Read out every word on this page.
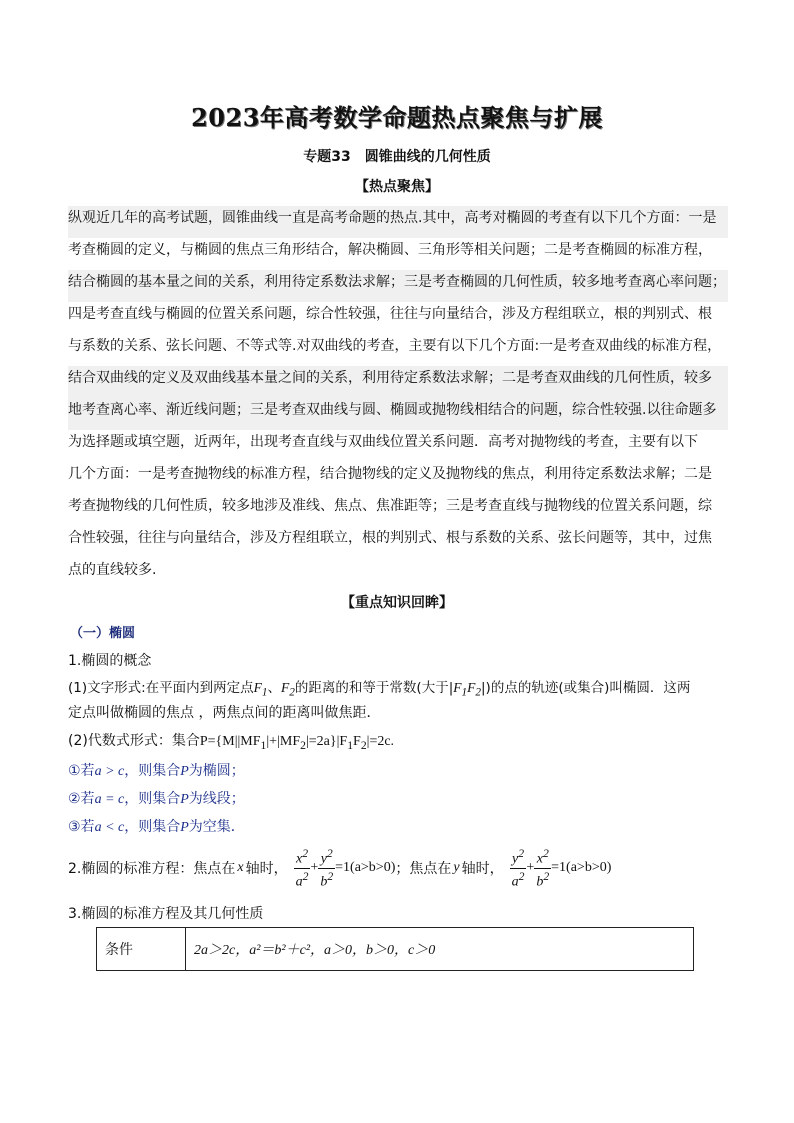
2023年高考数学命题热点聚焦与扩展
专题33　圆锥曲线的几何性质
【热点聚焦】
纵观近几年的高考试题，圆锥曲线一直是高考命题的热点.其中，高考对椭圆的考查有以下几个方面：一是
考查椭圆的定义，与椭圆的焦点三角形结合，解决椭圆、三角形等相关问题；二是考查椭圆的标准方程，
结合椭圆的基本量之间的关系，利用待定系数法求解；三是考查椭圆的几何性质，较多地考查离心率问题；
四是考查直线与椭圆的位置关系问题，综合性较强，往往与向量结合，涉及方程组联立，根的判别式、根
与系数的关系、弦长问题、不等式等.对双曲线的考查，主要有以下几个方面:一是考查双曲线的标准方程，
结合双曲线的定义及双曲线基本量之间的关系，利用待定系数法求解；二是考查双曲线的几何性质，较多
地考查离心率、渐近线问题；三是考查双曲线与圆、椭圆或抛物线相结合的问题，综合性较强.以往命题多
为选择题或填空题，近两年，出现考查直线与双曲线位置关系问题．高考对抛物线的考查，主要有以下
几个方面：一是考查抛物线的标准方程，结合抛物线的定义及抛物线的焦点，利用待定系数法求解；二是
考查抛物线的几何性质，较多地涉及准线、焦点、焦准距等；三是考查直线与抛物线的位置关系问题，综
合性较强，往往与向量结合，涉及方程组联立，根的判别式、根与系数的关系、弦长问题等，其中，过焦
点的直线较多.
【重点知识回眸】
（一）椭圆
1.椭圆的概念
(1)文字形式:在平面内到两定点$F_1$、$F_2$的距离的和等于常数(大于$|F_1F_2|$)的点的轨迹(或集合)叫椭圆．这两
定点叫做椭圆的焦点 ，两焦点间的距离叫做焦距．
(2)代数式形式：集合$P=\{M||MF_1|+|MF_2|=2a\}|F_1F_2|=2c$.
①若a > c，则集合P为椭圆；
②若a = c，则集合P为线段；
③若a < c，则集合P为空集．
2.椭圆的标准方程：焦点在 x 轴时， $\frac{x^2}{a^2} + \frac{y^2}{b^2} =1(a>b>0)$ ；焦点在 y 轴时， $\frac{y^2}{a^2} + \frac{x^2}{b^2} =1(a>b>0)$
3.椭圆的标准方程及其几何性质
条件	2a＞2c，a²＝b²＋c²，a＞0，b＞0，c＞0
